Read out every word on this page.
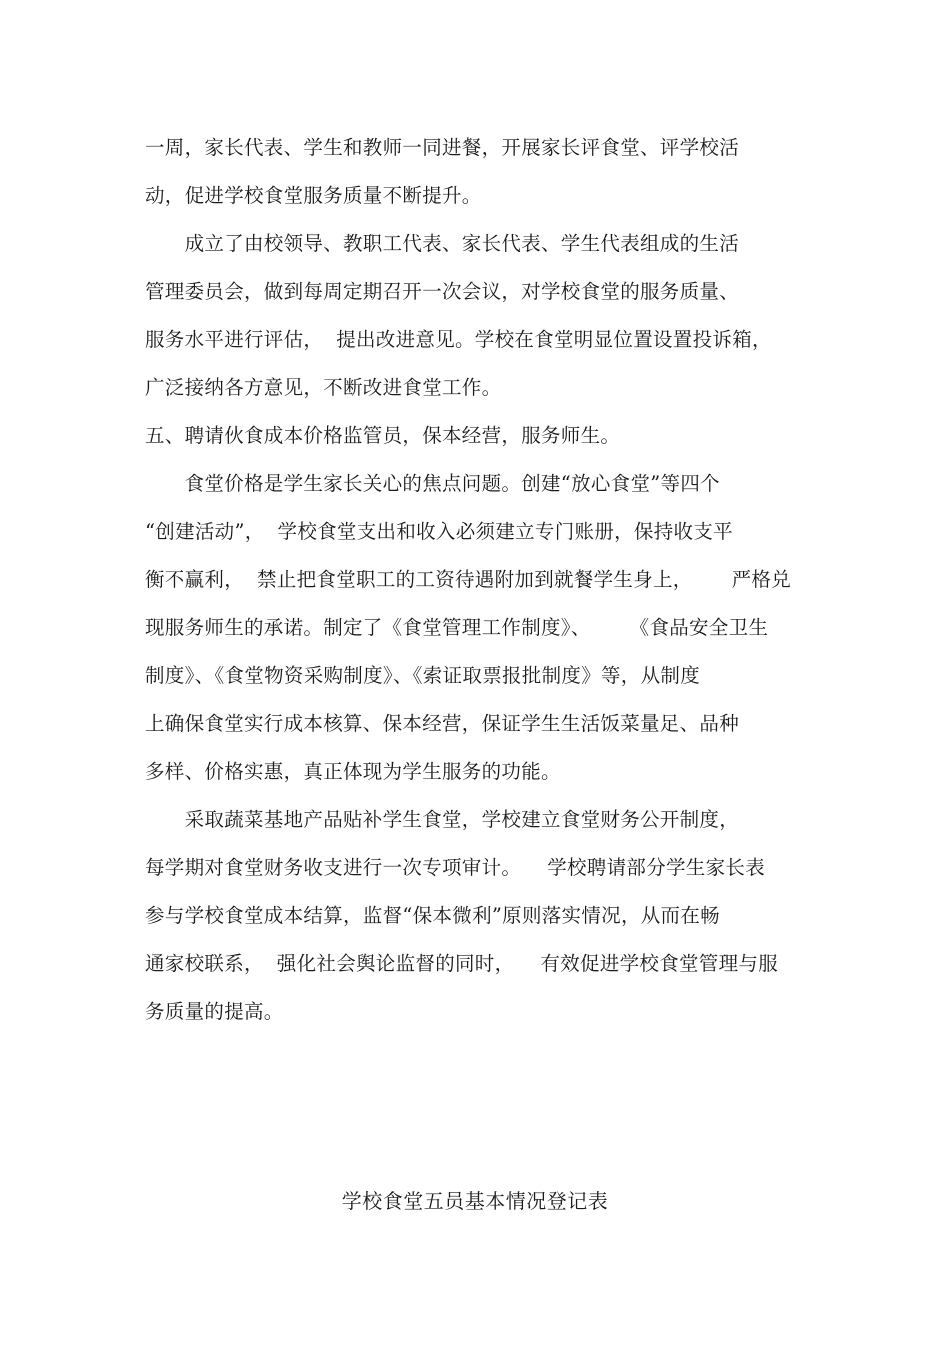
一周，家长代表、学生和教师一同进餐，开展家长评食堂、评学校活
动，促进学校食堂服务质量不断提升。
　　成立了由校领导、教职工代表、家长代表、学生代表组成的生活
管理委员会，做到每周定期召开一次会议，对学校食堂的服务质量、
服务水平进行评估，  提出改进意见。学校在食堂明显位置设置投诉箱，
广泛接纳各方意见，不断改进食堂工作。
五、聘请伙食成本价格监管员，保本经营，服务师生。
　　食堂价格是学生家长关心的焦点问题。创建“放心食堂”等四个
“创建活动”，  学校食堂支出和收入必须建立专门账册，保持收支平
衡不赢利，  禁止把食堂职工的工资待遇附加到就餐学生身上，      严格兑
现服务师生的承诺。制定了《食堂管理工作制度》、      《食品安全卫生
制度》、《食堂物资采购制度》、《索证取票报批制度》等，从制度
上确保食堂实行成本核算、保本经营，保证学生生活饭菜量足、品种
多样、价格实惠，真正体现为学生服务的功能。
　　采取蔬菜基地产品贴补学生食堂，学校建立食堂财务公开制度，
每学期对食堂财务收支进行一次专项审计。    学校聘请部分学生家长表
参与学校食堂成本结算，监督“保本微利”原则落实情况，从而在畅
通家校联系，  强化社会舆论监督的同时，    有效促进学校食堂管理与服
务质量的提高。
学校食堂五员基本情况登记表
